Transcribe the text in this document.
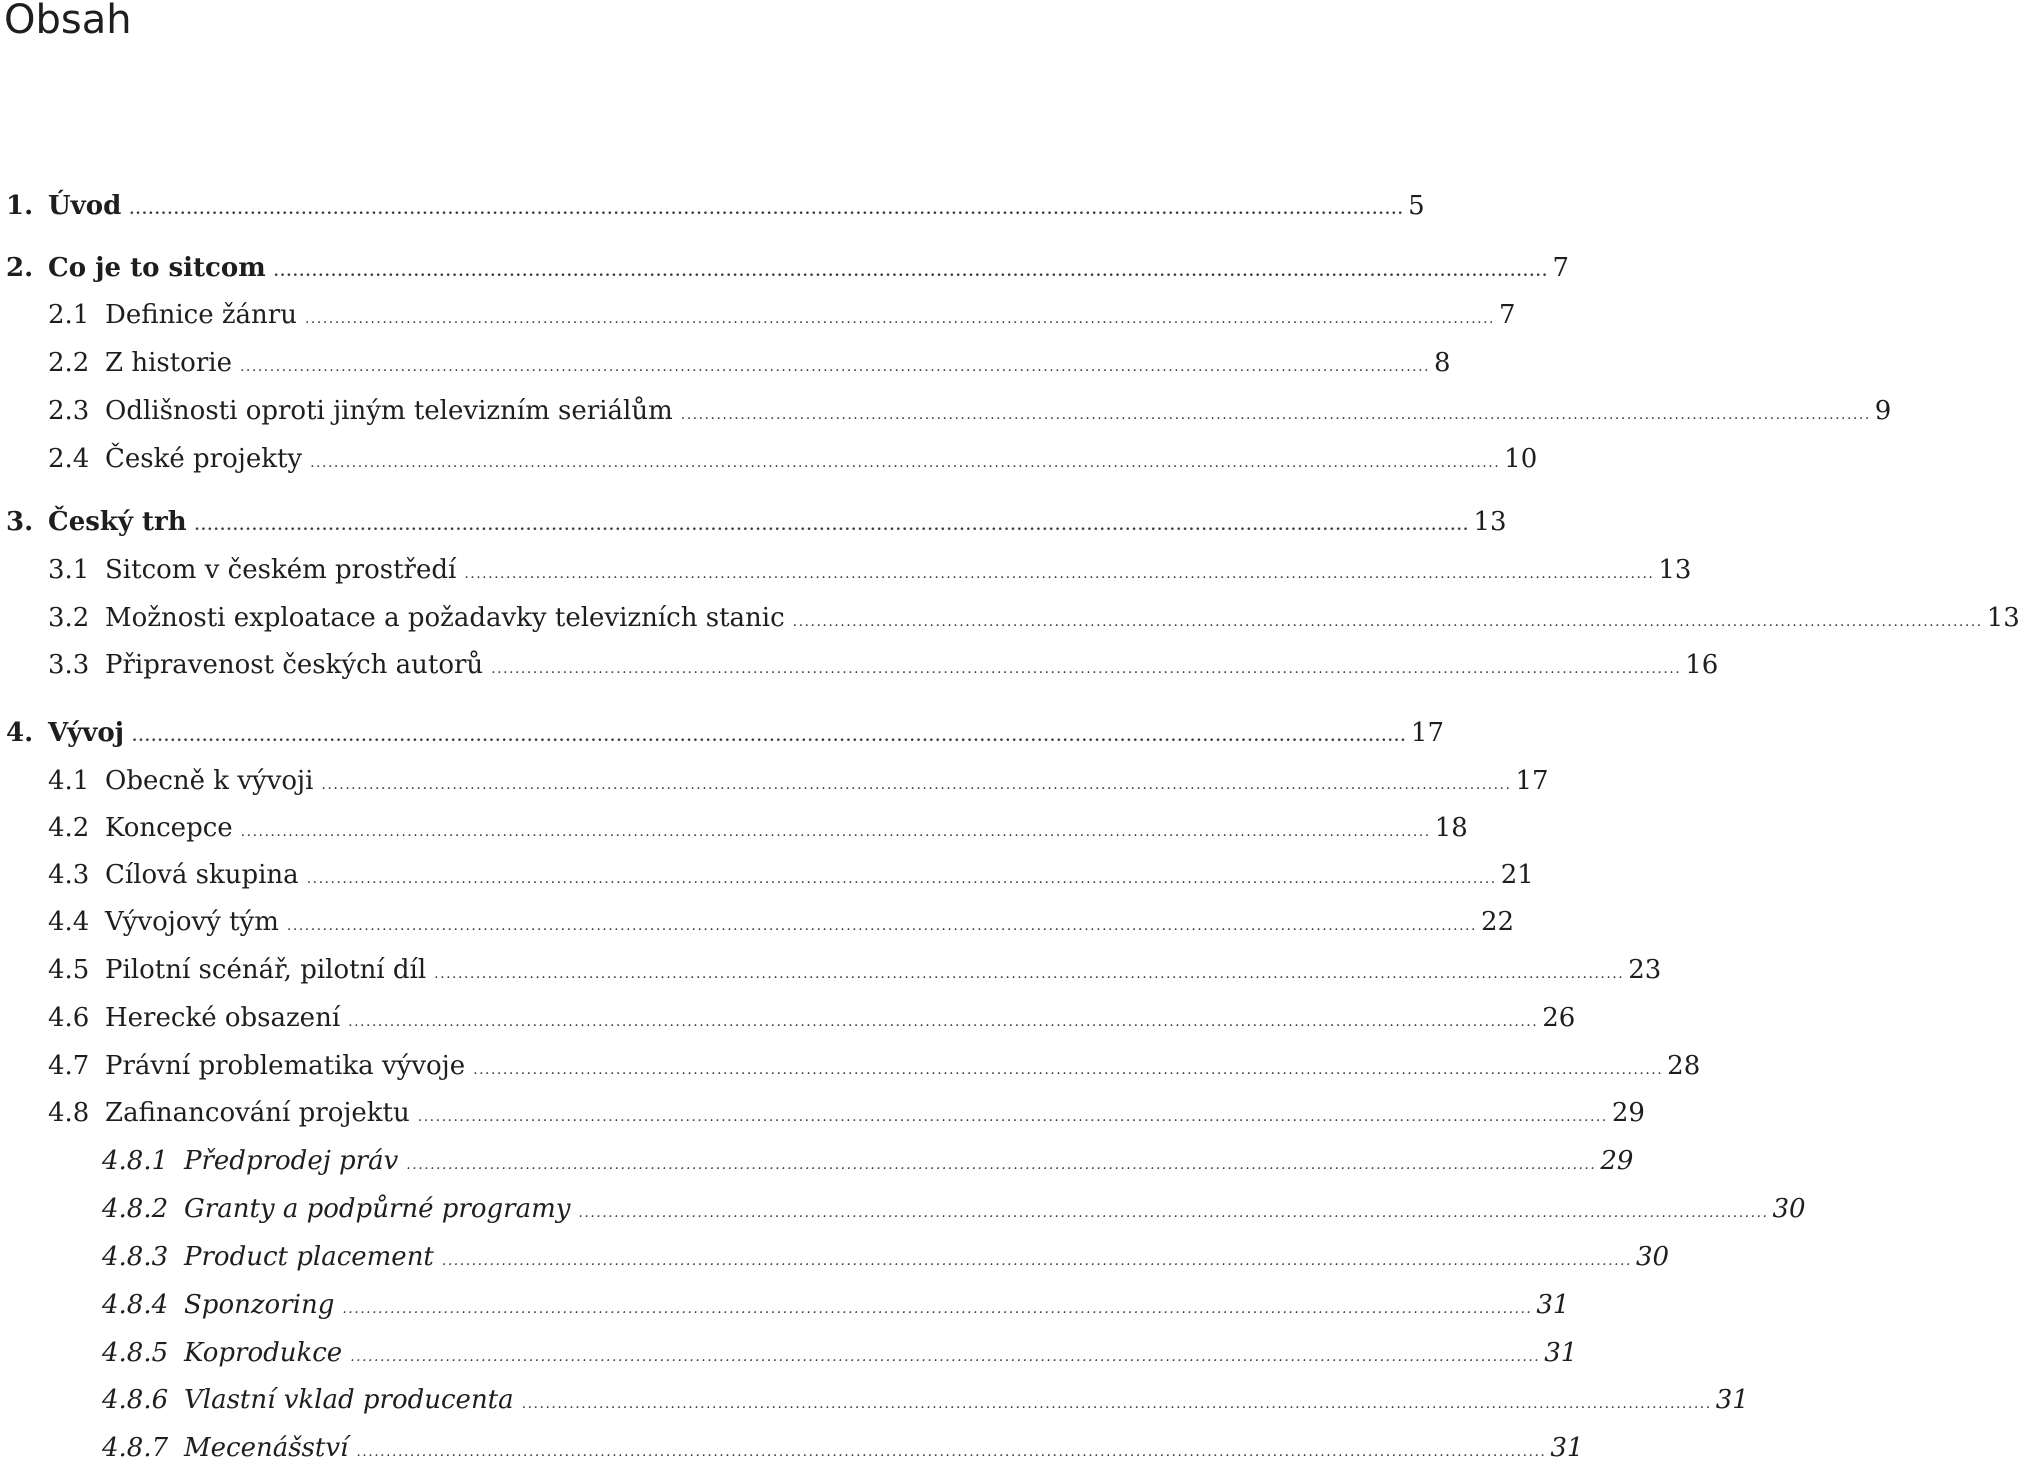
Obsah
1. Úvod ........................................................................................................................................................................................................ 5
2. Co je to sitcom ........................................................................................................................................................................................................ 7
2.1 Definice žánru ........................................................................................................................................................................................................ 7
2.2 Z historie ........................................................................................................................................................................................................ 8
2.3 Odlišnosti oproti jiným televizním seriálům ........................................................................................................................................................................................................ 9
2.4 České projekty ........................................................................................................................................................................................................ 10
3. Český trh ........................................................................................................................................................................................................ 13
3.1 Sitcom v českém prostředí ........................................................................................................................................................................................................ 13
3.2 Možnosti exploatace a požadavky televizních stanic ........................................................................................................................................................................................................ 13
3.3 Připravenost českých autorů ........................................................................................................................................................................................................ 16
4. Vývoj ........................................................................................................................................................................................................ 17
4.1 Obecně k vývoji ........................................................................................................................................................................................................ 17
4.2 Koncepce ........................................................................................................................................................................................................ 18
4.3 Cílová skupina ........................................................................................................................................................................................................ 21
4.4 Vývojový tým ........................................................................................................................................................................................................ 22
4.5 Pilotní scénář, pilotní díl ........................................................................................................................................................................................................ 23
4.6 Herecké obsazení ........................................................................................................................................................................................................ 26
4.7 Právní problematika vývoje ........................................................................................................................................................................................................ 28
4.8 Zafinancování projektu ........................................................................................................................................................................................................ 29
4.8.1 Předprodej práv ........................................................................................................................................................................................................ 29
4.8.2 Granty a podpůrné programy ........................................................................................................................................................................................................ 30
4.8.3 Product placement ........................................................................................................................................................................................................ 30
4.8.4 Sponzoring ........................................................................................................................................................................................................ 31
4.8.5 Koprodukce ........................................................................................................................................................................................................ 31
4.8.6 Vlastní vklad producenta ........................................................................................................................................................................................................ 31
4.8.7 Mecenášství ........................................................................................................................................................................................................ 31
